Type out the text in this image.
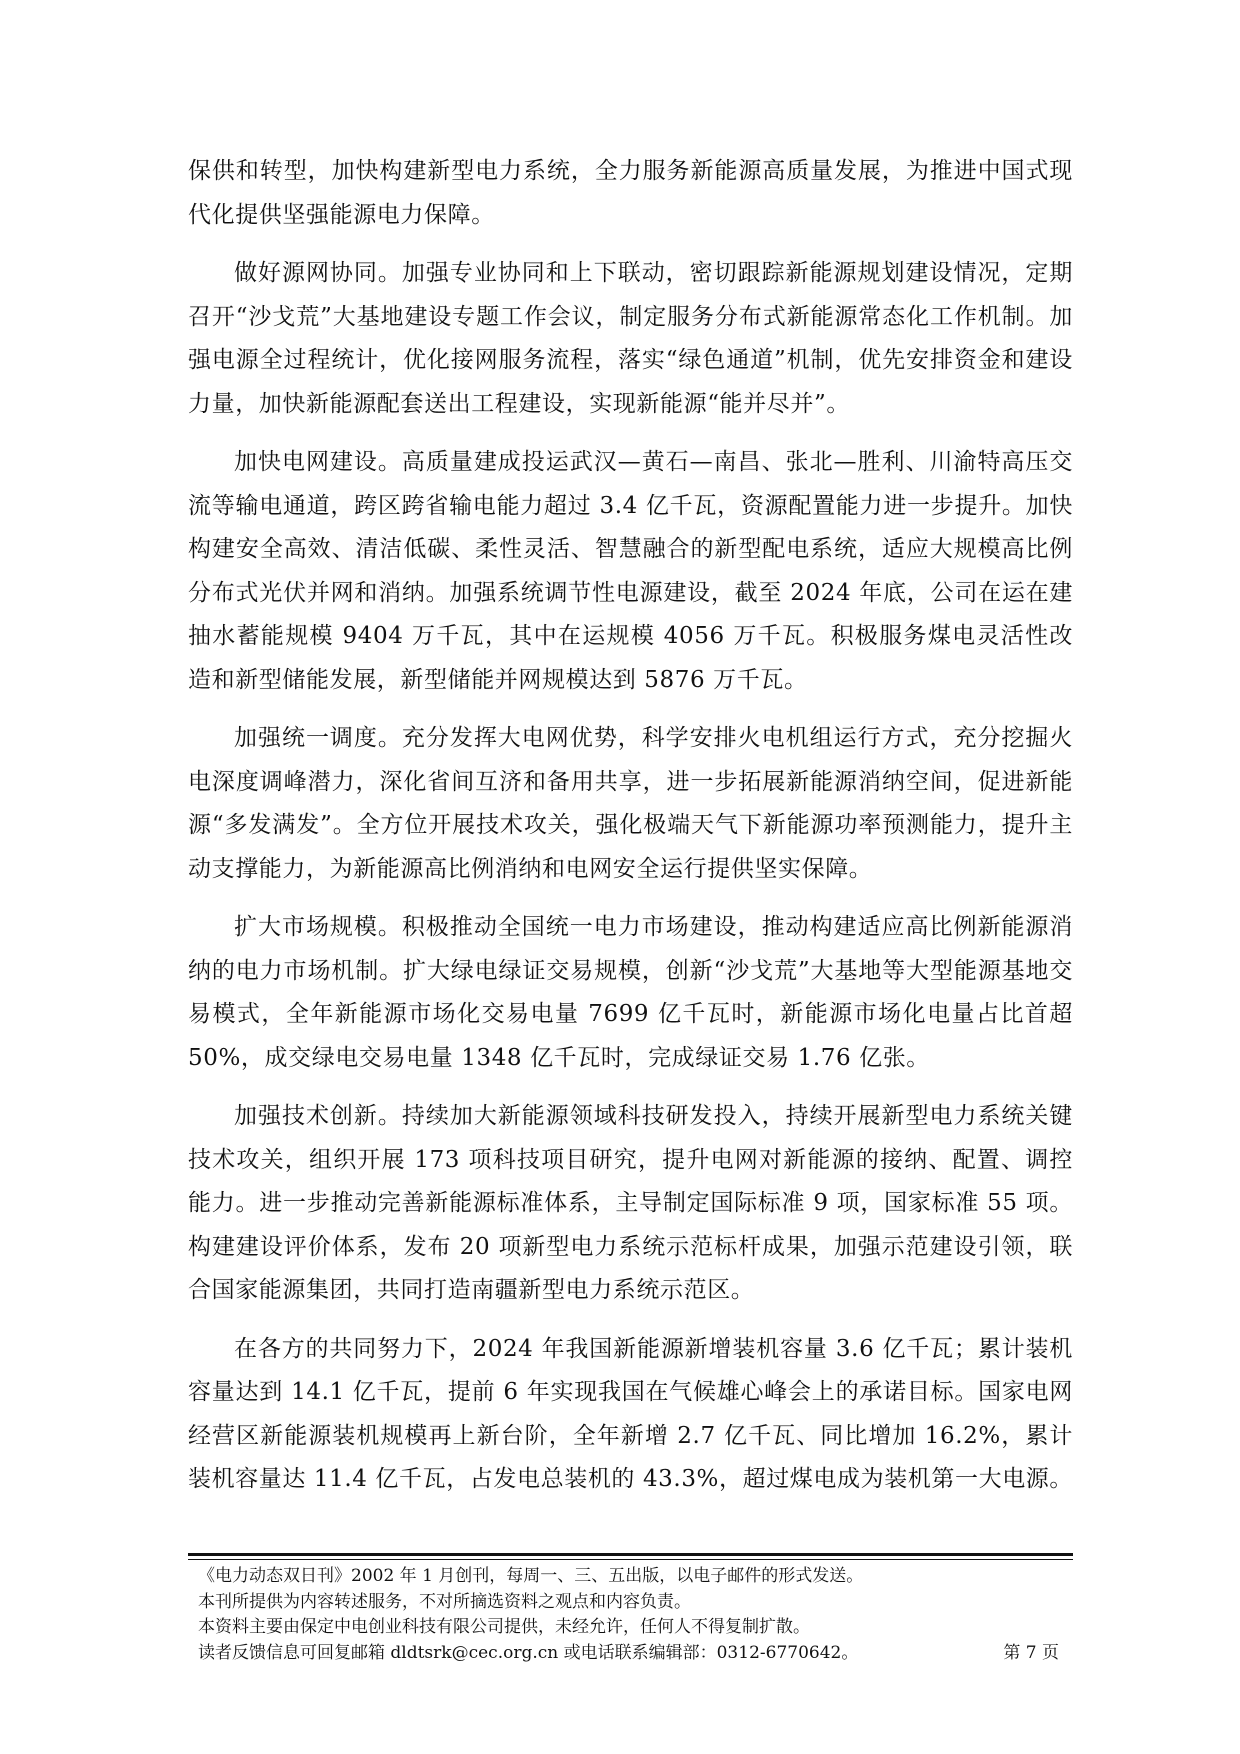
保供和转型，加快构建新型电力系统，全力服务新能源高质量发展，为推进中国式现代化提供坚强能源电力保障。

做好源网协同。加强专业协同和上下联动，密切跟踪新能源规划建设情况，定期召开“沙戈荒”大基地建设专题工作会议，制定服务分布式新能源常态化工作机制。加强电源全过程统计，优化接网服务流程，落实“绿色通道”机制，优先安排资金和建设力量，加快新能源配套送出工程建设，实现新能源“能并尽并”。

加快电网建设。高质量建成投运武汉—黄石—南昌、张北—胜利、川渝特高压交流等输电通道，跨区跨省输电能力超过 3.4 亿千瓦，资源配置能力进一步提升。加快构建安全高效、清洁低碳、柔性灵活、智慧融合的新型配电系统，适应大规模高比例分布式光伏并网和消纳。加强系统调节性电源建设，截至 2024 年底，公司在运在建抽水蓄能规模 9404 万千瓦，其中在运规模 4056 万千瓦。积极服务煤电灵活性改造和新型储能发展，新型储能并网规模达到 5876 万千瓦。

加强统一调度。充分发挥大电网优势，科学安排火电机组运行方式，充分挖掘火电深度调峰潜力，深化省间互济和备用共享，进一步拓展新能源消纳空间，促进新能源“多发满发”。全方位开展技术攻关，强化极端天气下新能源功率预测能力，提升主动支撑能力，为新能源高比例消纳和电网安全运行提供坚实保障。

扩大市场规模。积极推动全国统一电力市场建设，推动构建适应高比例新能源消纳的电力市场机制。扩大绿电绿证交易规模，创新“沙戈荒”大基地等大型能源基地交易模式，全年新能源市场化交易电量 7699 亿千瓦时，新能源市场化电量占比首超 50%，成交绿电交易电量 1348 亿千瓦时，完成绿证交易 1.76 亿张。

加强技术创新。持续加大新能源领域科技研发投入，持续开展新型电力系统关键技术攻关，组织开展 173 项科技项目研究，提升电网对新能源的接纳、配置、调控能力。进一步推动完善新能源标准体系，主导制定国际标准 9 项，国家标准 55 项。构建建设评价体系，发布 20 项新型电力系统示范标杆成果，加强示范建设引领，联合国家能源集团，共同打造南疆新型电力系统示范区。

在各方的共同努力下，2024 年我国新能源新增装机容量 3.6 亿千瓦；累计装机容量达到 14.1 亿千瓦，提前 6 年实现我国在气候雄心峰会上的承诺目标。国家电网经营区新能源装机规模再上新台阶，全年新增 2.7 亿千瓦、同比增加 16.2%，累计装机容量达 11.4 亿千瓦，占发电总装机的 43.3%，超过煤电成为装机第一大电源。

《电力动态双日刊》2002 年 1 月创刊，每周一、三、五出版，以电子邮件的形式发送。
本刊所提供为内容转述服务，不对所摘选资料之观点和内容负责。
本资料主要由保定中电创业科技有限公司提供，未经允许，任何人不得复制扩散。
读者反馈信息可回复邮箱 dldtsrk@cec.org.cn 或电话联系编辑部：0312-6770642。	第 7 页
